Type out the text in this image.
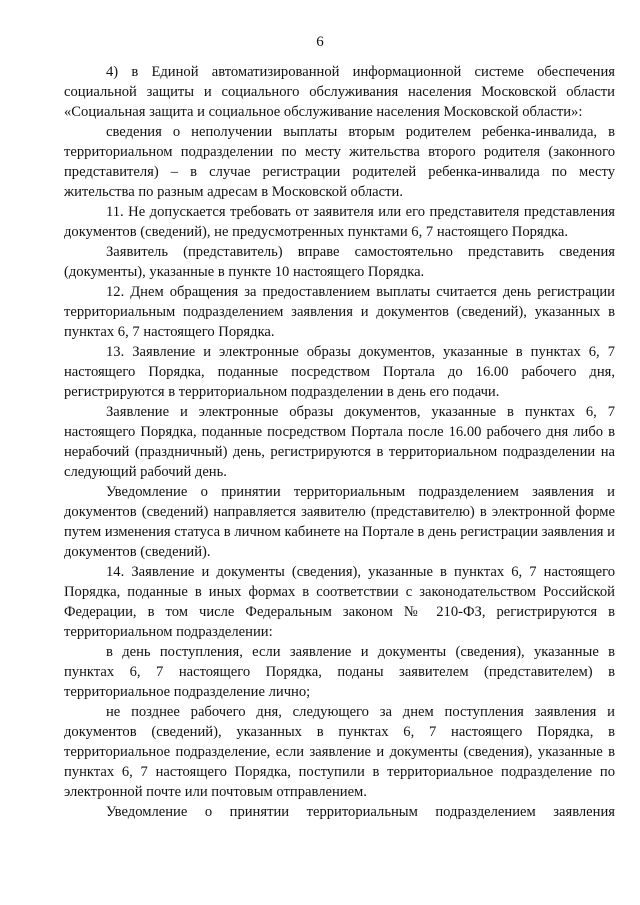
6

4) в Единой автоматизированной информационной системе обеспечения социальной защиты и социального обслуживания населения Московской области «Социальная защита и социальное обслуживание населения Московской области»:

сведения о неполучении выплаты вторым родителем ребенка-инвалида, в территориальном подразделении по месту жительства второго родителя (законного представителя) – в случае регистрации родителей ребенка-инвалида по месту жительства по разным адресам в Московской области.

11. Не допускается требовать от заявителя или его представителя представления документов (сведений), не предусмотренных пунктами 6, 7 настоящего Порядка.

Заявитель (представитель) вправе самостоятельно представить сведения (документы), указанные в пункте 10 настоящего Порядка.

12. Днем обращения за предоставлением выплаты считается день регистрации территориальным подразделением заявления и документов (сведений), указанных в пунктах 6, 7 настоящего Порядка.

13. Заявление и электронные образы документов, указанные в пунктах 6, 7 настоящего Порядка, поданные посредством Портала до 16.00 рабочего дня, регистрируются в территориальном подразделении в день его подачи.

Заявление и электронные образы документов, указанные в пунктах 6, 7 настоящего Порядка, поданные посредством Портала после 16.00 рабочего дня либо в нерабочий (праздничный) день, регистрируются в территориальном подразделении на следующий рабочий день.

Уведомление о принятии территориальным подразделением заявления и документов (сведений) направляется заявителю (представителю) в электронной форме путем изменения статуса в личном кабинете на Портале в день регистрации заявления и документов (сведений).

14. Заявление и документы (сведения), указанные в пунктах 6, 7 настоящего Порядка, поданные в иных формах в соответствии с законодательством Российской Федерации, в том числе Федеральным законом № 210-ФЗ, регистрируются в территориальном подразделении:

в день поступления, если заявление и документы (сведения), указанные в пунктах 6, 7 настоящего Порядка, поданы заявителем (представителем) в территориальное подразделение лично;

не позднее рабочего дня, следующего за днем поступления заявления и документов (сведений), указанных в пунктах 6, 7 настоящего Порядка, в территориальное подразделение, если заявление и документы (сведения), указанные в пунктах 6, 7 настоящего Порядка, поступили в территориальное подразделение по электронной почте или почтовым отправлением.

Уведомление о принятии территориальным подразделением заявления
